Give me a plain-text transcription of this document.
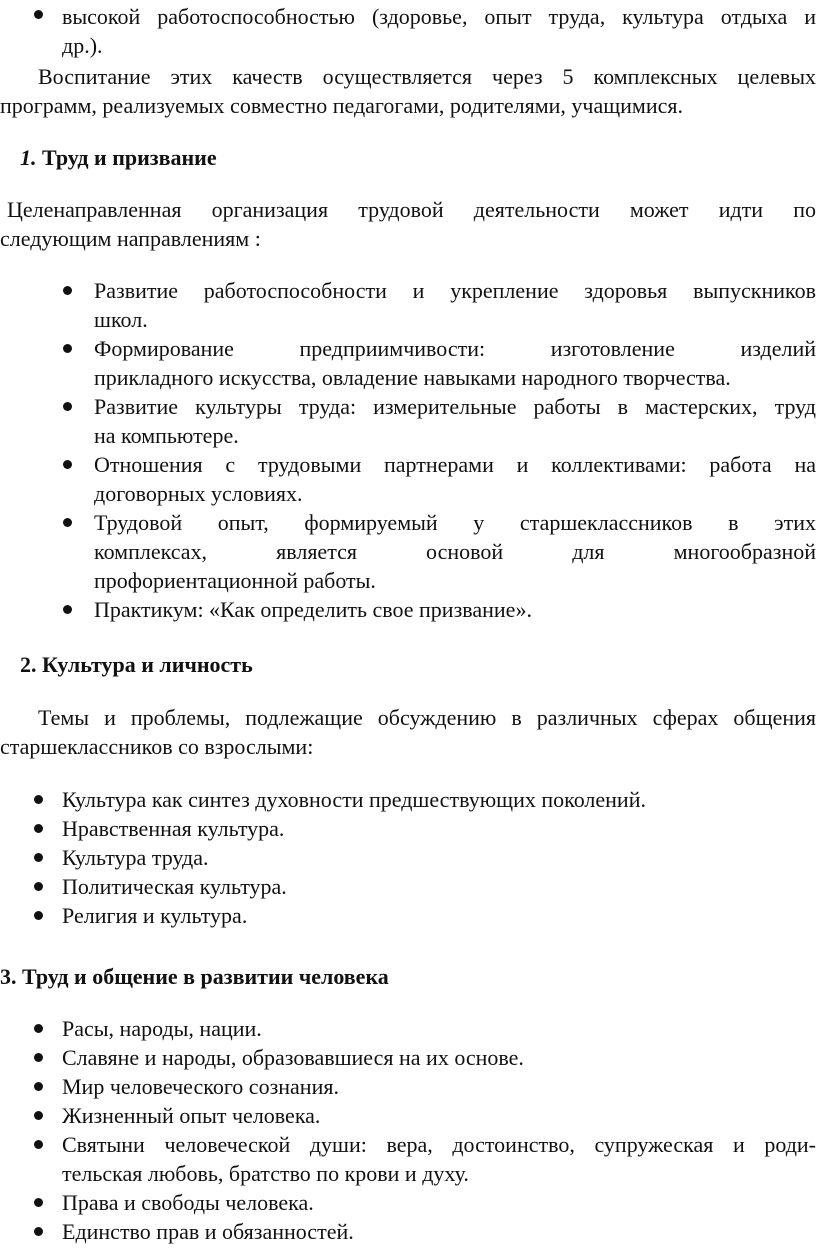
высокой работоспособностью (здоровье, опыт труда, культура отдыха и
др.).
Воспитание этих качеств осуществляется через 5 комплексных целевых
программ, реализуемых совместно педагогами, родителями, учащимися.
1. Труд и призвание
Целенаправленная организация трудовой деятельности может идти по
следующим направлениям :
Развитие работоспособности и укрепление здоровья выпускников
школ.
Формирование предприимчивости: изготовление изделий
прикладного искусства, овладение навыками народного творчества.
Развитие культуры труда: измерительные работы в мастерских, труд
на компьютере.
Отношения с трудовыми партнерами и коллективами: работа на
договорных условиях.
Трудовой опыт, формируемый у старшеклассников в этих
комплексах, является основой для многообразной
профориентационной работы.
Практикум: «Как определить свое призвание».
2. Культура и личность
Темы и проблемы, подлежащие обсуждению в различных сферах общения
старшеклассников со взрослыми:
Культура как синтез духовности предшествующих поколений.
Нравственная культура.
Культура труда.
Политическая культура.
Религия и культура.
3. Труд и общение в развитии человека
Расы, народы, нации.
Славяне и народы, образовавшиеся на их основе.
Мир человеческого сознания.
Жизненный опыт человека.
Святыни человеческой души: вера, достоинство, супружеская и роди-
тельская любовь, братство по крови и духу.
Права и свободы человека.
Единство прав и обязанностей.
